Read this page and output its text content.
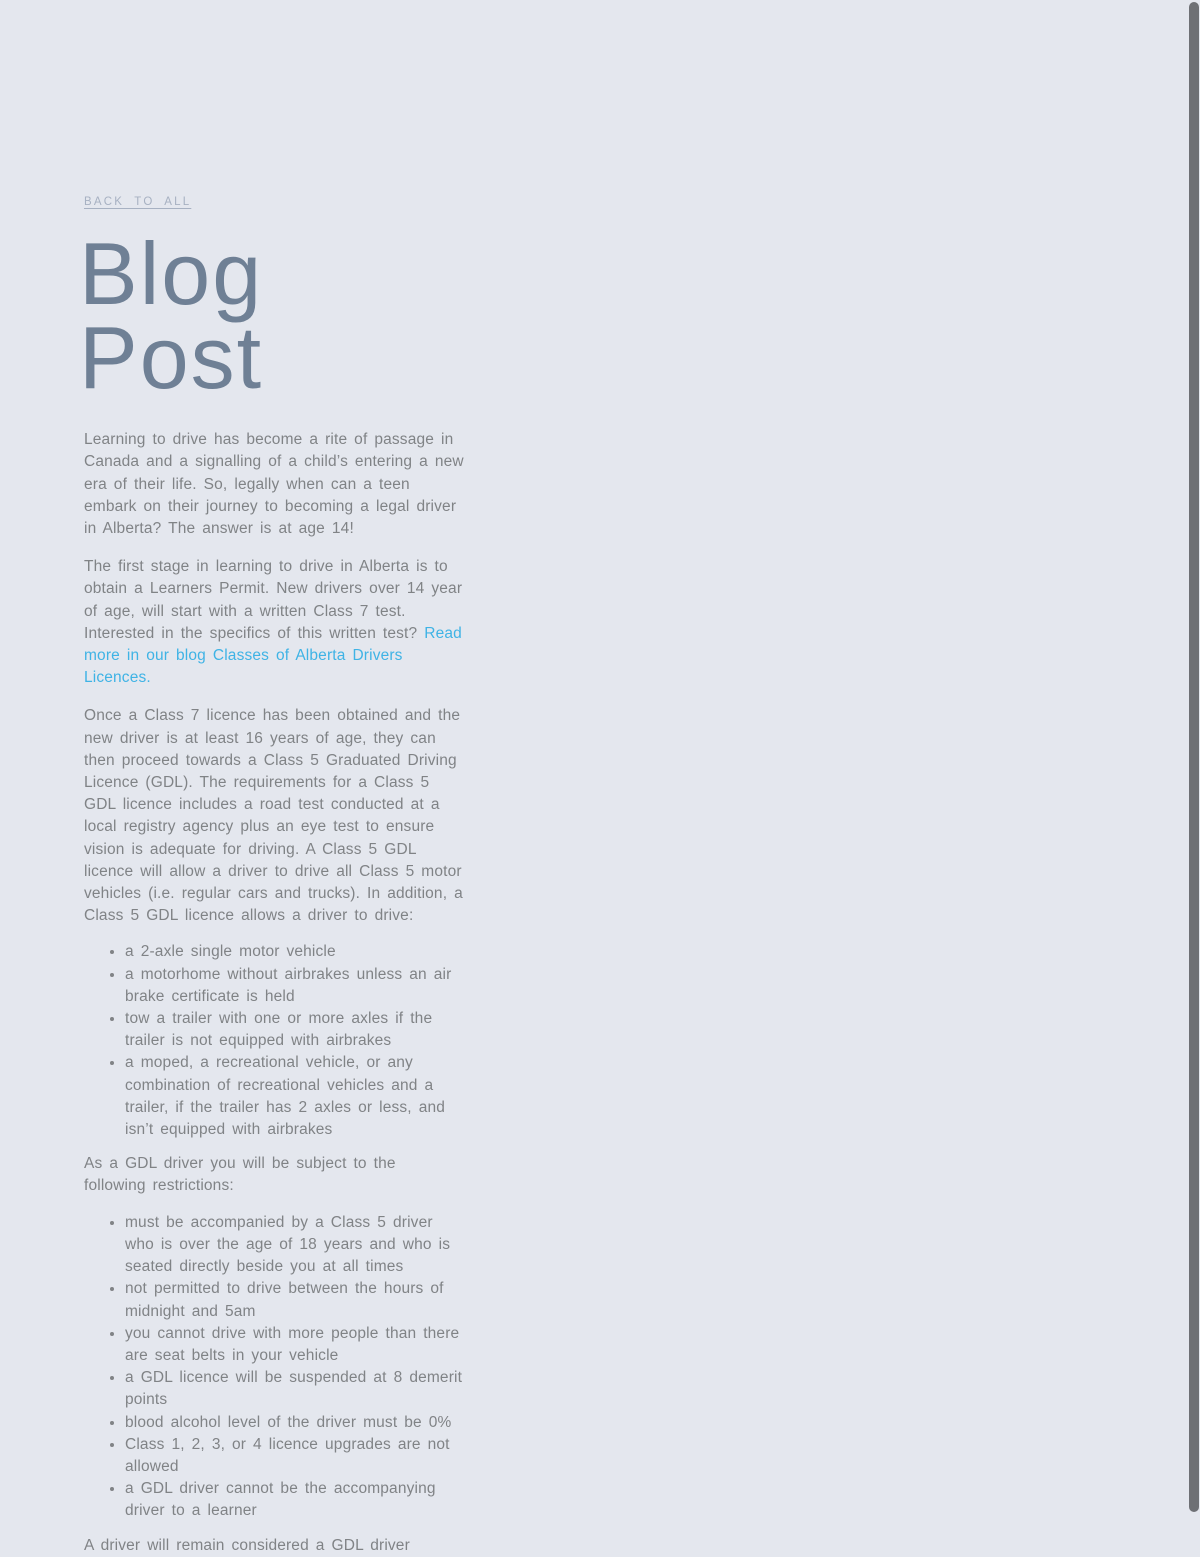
BACK TO ALL
Blog Post

Learning to drive has become a rite of passage in Canada and a signalling of a child’s entering a new era of their life. So, legally when can a teen embark on their journey to becoming a legal driver in Alberta? The answer is at age 14!

The first stage in learning to drive in Alberta is to obtain a Learners Permit. New drivers over 14 year of age, will start with a written Class 7 test. Interested in the specifics of this written test? Read more in our blog Classes of Alberta Drivers Licences.

Once a Class 7 licence has been obtained and the new driver is at least 16 years of age, they can then proceed towards a Class 5 Graduated Driving Licence (GDL). The requirements for a Class 5 GDL licence includes a road test conducted at a local registry agency plus an eye test to ensure vision is adequate for driving. A Class 5 GDL licence will allow a driver to drive all Class 5 motor vehicles (i.e. regular cars and trucks). In addition, a Class 5 GDL licence allows a driver to drive:

• a 2-axle single motor vehicle
• a motorhome without airbrakes unless an air brake certificate is held
• tow a trailer with one or more axles if the trailer is not equipped with airbrakes
• a moped, a recreational vehicle, or any combination of recreational vehicles and a trailer, if the trailer has 2 axles or less, and isn’t equipped with airbrakes

As a GDL driver you will be subject to the following restrictions:

• must be accompanied by a Class 5 driver who is over the age of 18 years and who is seated directly beside you at all times
• not permitted to drive between the hours of midnight and 5am
• you cannot drive with more people than there are seat belts in your vehicle
• a GDL licence will be suspended at 8 demerit points
• blood alcohol level of the driver must be 0%
• Class 1, 2, 3, or 4 licence upgrades are not allowed
• a GDL driver cannot be the accompanying driver to a learner

A driver will remain considered a GDL driver
